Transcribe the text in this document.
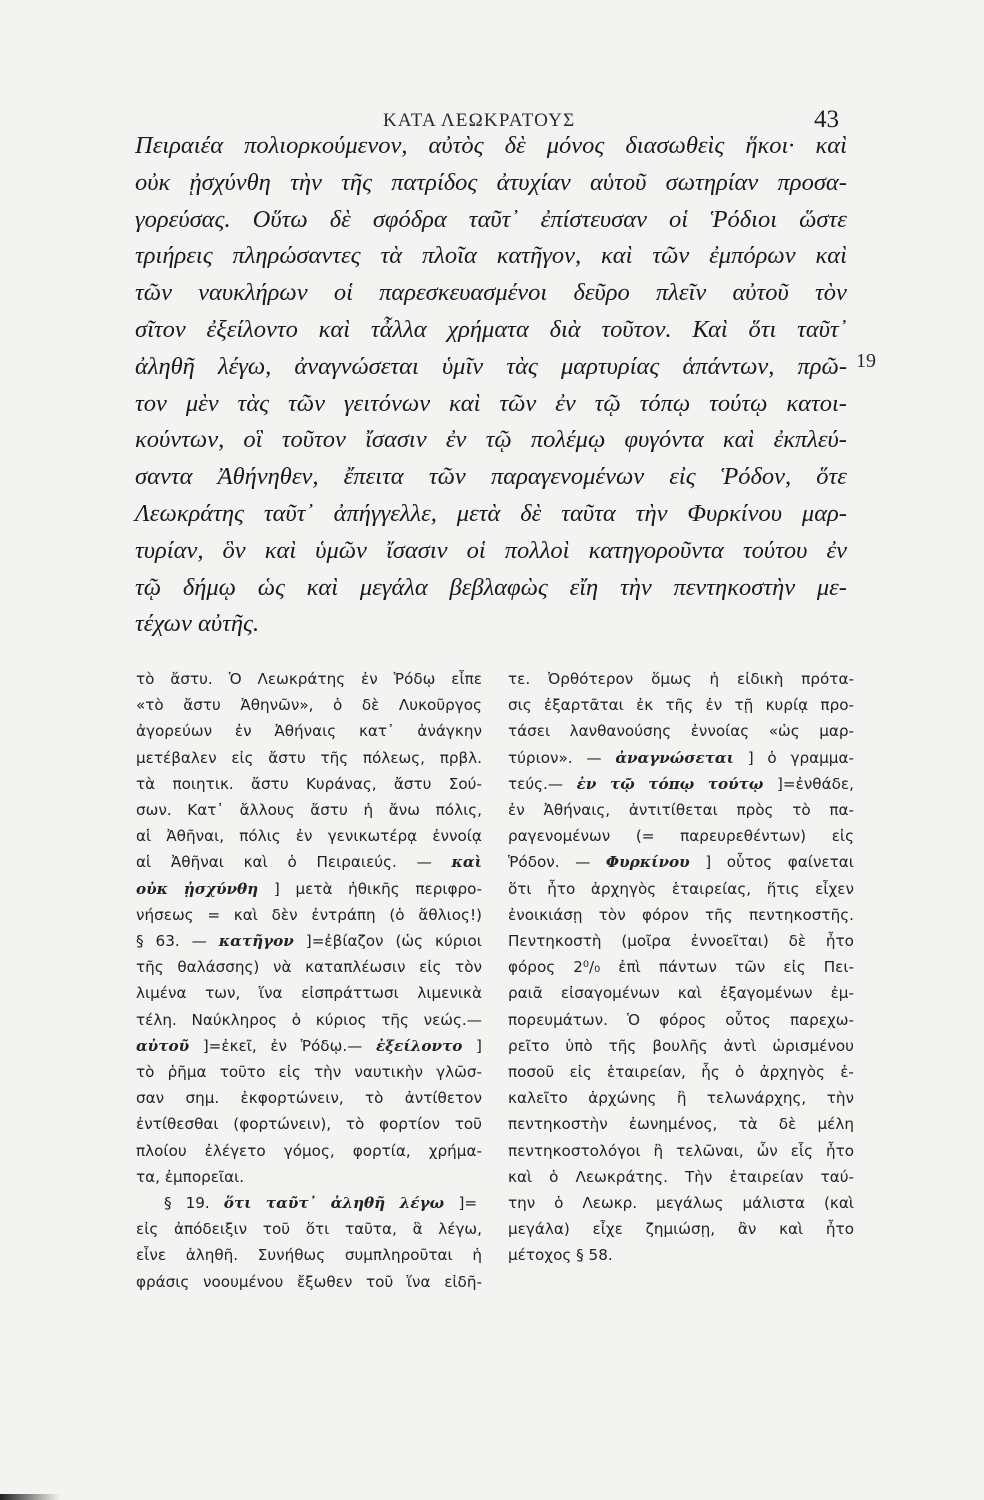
ΚΑΤΑ ΛΕΩΚΡΑΤΟΥΣ	43
Πειραιέα πολιορκούμενον, αὐτὸς δὲ μόνος διασωθεὶς ἥκοι· καὶ
οὐκ ᾐσχύνθη τὴν τῆς πατρίδος ἀτυχίαν αὑτοῦ σωτηρίαν προσα-
γορεύσας. Οὕτω δὲ σφόδρα ταῦτ᾿ ἐπίστευσαν οἱ Ῥόδιοι ὥστε
τριήρεις πληρώσαντες τὰ πλοῖα κατῆγον, καὶ τῶν ἐμπόρων καὶ
τῶν ναυκλήρων οἱ παρεσκευασμένοι δεῦρο πλεῖν αὐτοῦ τὸν
σῖτον ἐξείλοντο καὶ τἆλλα χρήματα διὰ τοῦτον. Καὶ ὅτι ταῦτ᾿
ἀληθῆ λέγω, ἀναγνώσεται ὑμῖν τὰς μαρτυρίας ἁπάντων, πρῶ-
τον μὲν τὰς τῶν γειτόνων καὶ τῶν ἐν τῷ τόπῳ τούτῳ κατοι-
κούντων, οἳ τοῦτον ἴσασιν ἐν τῷ πολέμῳ φυγόντα καὶ ἐκπλεύ-
σαντα Ἀθήνηθεν, ἔπειτα τῶν παραγενομένων εἰς Ῥόδον, ὅτε
Λεωκράτης ταῦτ᾿ ἀπήγγελλε, μετὰ δὲ ταῦτα τὴν Φυρκίνου μαρ-
τυρίαν, ὃν καὶ ὑμῶν ἴσασιν οἱ πολλοὶ κατηγοροῦντα τούτου ἐν
τῷ δήμῳ ὡς καὶ μεγάλα βεβλαφὼς εἴη τὴν πεντηκοστὴν με-
τέχων αὐτῆς.
19
τὸ ἄστυ. Ὁ Λεωκράτης ἐν Ῥόδῳ εἶπε
«τὸ ἄστυ Ἀθηνῶν», ὁ δὲ Λυκοῦργος
ἀγορεύων ἐν Ἀθήναις κατ᾿ ἀνάγκην
μετέβαλεν εἰς ἄστυ τῆς πόλεως, πρβλ.
τὰ ποιητικ. ἄστυ Κυράνας, ἄστυ Σού-
σων. Κατ᾿ ἄλλους ἄστυ ἡ ἄνω πόλις,
αἱ Ἀθῆναι, πόλις ἐν γενικωτέρᾳ ἐννοίᾳ
αἱ Ἀθῆναι καὶ ὁ Πειραιεύς. — καὶ
οὐκ ᾐσχύνθη ] μετὰ ἠθικῆς περιφρο-
νήσεως = καὶ δὲν ἐντράπη (ὁ ἄθλιος!)
§ 63. — κατῆγον ]=ἐβίαζον (ὡς κύριοι
τῆς θαλάσσης) νὰ καταπλέωσιν εἰς τὸν
λιμένα των, ἵνα εἰσπράττωσι λιμενικὰ
τέλη. Ναύκληρος ὁ κύριος τῆς νεώς.—
αὐτοῦ ]=ἐκεῖ, ἐν Ῥόδῳ.— ἐξείλοντο ]
τὸ ῥῆμα τοῦτο εἰς τὴν ναυτικὴν γλῶσ-
σαν σημ. ἐκφορτώνειν, τὸ ἀντίθετον
ἐντίθεσθαι (φορτώνειν), τὸ φορτίον τοῦ
πλοίου ἐλέγετο γόμος, φορτία, χρήμα-
τα, ἐμπορεῖαι.
§ 19. ὅτι ταῦτ᾿ ἀληθῆ λέγω ]=
εἰς ἀπόδειξιν τοῦ ὅτι ταῦτα, ἃ λέγω,
εἶνε ἀληθῆ. Συνήθως συμπληροῦται ἡ
φράσις νοουμένου ἔξωθεν τοῦ ἵνα εἰδῆ-
τε. Ὀρθότερον ὅμως ἡ εἰδικὴ πρότα-
σις ἐξαρτᾶται ἐκ τῆς ἐν τῇ κυρίᾳ προ-
τάσει λανθανούσης ἐννοίας «ὡς μαρ-
τύριον». — ἀναγνώσεται ] ὁ γραμμα-
τεύς.— ἐν τῷ τόπῳ τούτῳ ]=ἐνθάδε,
ἐν Ἀθήναις, ἀντιτίθεται πρὸς τὸ πα-
ραγενομένων (= παρευρεθέντων) εἰς
Ῥόδον. — Φυρκίνου ] οὗτος φαίνεται
ὅτι ἦτο ἀρχηγὸς ἑταιρείας, ἥτις εἶχεν
ἐνοικιάσῃ τὸν φόρον τῆς πεντηκοστῆς.
Πεντηκοστὴ (μοῖρα ἐννοεῖται) δὲ ἦτο
φόρος 2⁰/₀ ἐπὶ πάντων τῶν εἰς Πει-
ραιᾶ εἰσαγομένων καὶ ἐξαγομένων ἐμ-
πορευμάτων. Ὁ φόρος οὗτος παρεχω-
ρεῖτο ὑπὸ τῆς βουλῆς ἀντὶ ὡρισμένου
ποσοῦ εἰς ἑταιρείαν, ἧς ὁ ἀρχηγὸς ἐ-
καλεῖτο ἀρχώνης ἢ τελωνάρχης, τὴν
πεντηκοστὴν ἐωνημένος, τὰ δὲ μέλη
πεντηκοστολόγοι ἢ τελῶναι, ὧν εἷς ἦτο
καὶ ὁ Λεωκράτης. Τὴν ἑταιρείαν ταύ-
την ὁ Λεωκρ. μεγάλως μάλιστα (καὶ
μεγάλα) εἶχε ζημιώσῃ, ἂν καὶ ἦτο
μέτοχος § 58.
